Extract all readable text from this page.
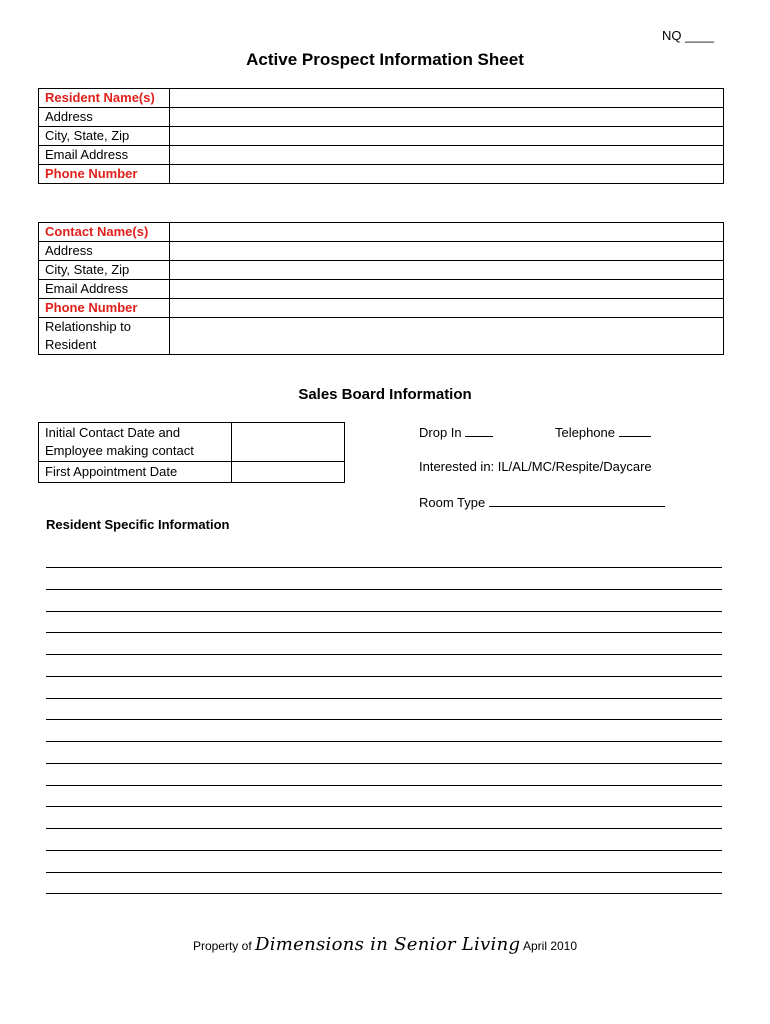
NQ ____
Active Prospect Information Sheet
Resident Name(s)	
Address	
City, State, Zip	
Email Address	
Phone Number	
Contact Name(s)	
Address	
City, State, Zip	
Email Address	
Phone Number	
Relationship to Resident	
Sales Board Information
Initial Contact Date and Employee making contact	
First Appointment Date	
Drop In	Telephone
Interested in: IL/AL/MC/Respite/Daycare
Room Type
Resident Specific Information
Property of Dimensions in Senior Living April 2010
